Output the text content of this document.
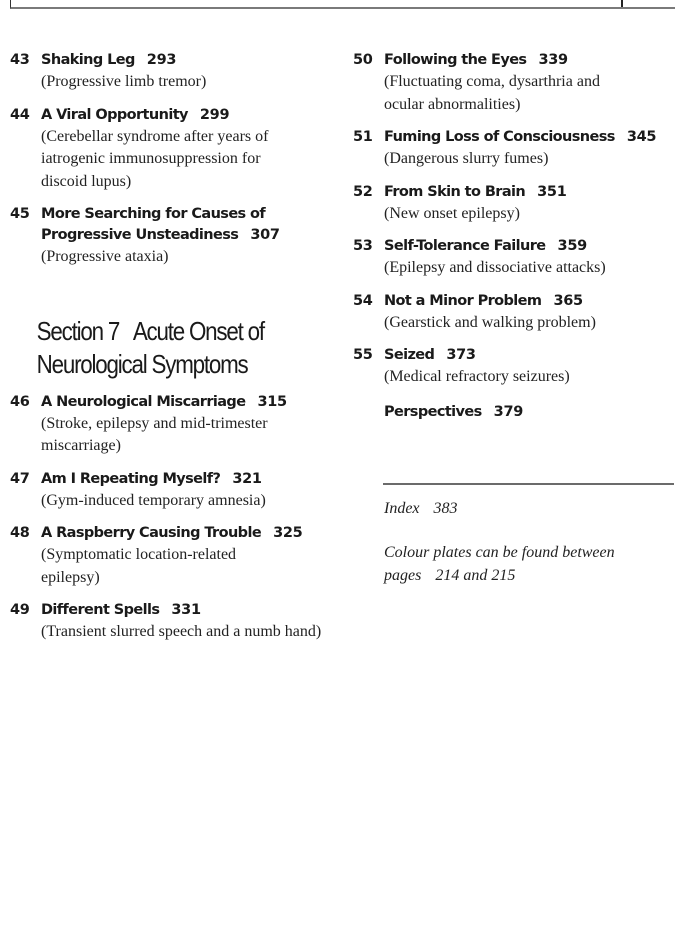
43 Shaking Leg 293
(Progressive limb tremor)
44 A Viral Opportunity 299
(Cerebellar syndrome after years of iatrogenic immunosuppression for discoid lupus)
45 More Searching for Causes of Progressive Unsteadiness 307
(Progressive ataxia)
Section 7 Acute Onset of Neurological Symptoms
46 A Neurological Miscarriage 315
(Stroke, epilepsy and mid-trimester miscarriage)
47 Am I Repeating Myself? 321
(Gym-induced temporary amnesia)
48 A Raspberry Causing Trouble 325
(Symptomatic location-related epilepsy)
49 Different Spells 331
(Transient slurred speech and a numb hand)
50 Following the Eyes 339
(Fluctuating coma, dysarthria and ocular abnormalities)
51 Fuming Loss of Consciousness 345
(Dangerous slurry fumes)
52 From Skin to Brain 351
(New onset epilepsy)
53 Self-Tolerance Failure 359
(Epilepsy and dissociative attacks)
54 Not a Minor Problem 365
(Gearstick and walking problem)
55 Seized 373
(Medical refractory seizures)
Perspectives 379
Index 383
Colour plates can be found between
pages 214 and 215
